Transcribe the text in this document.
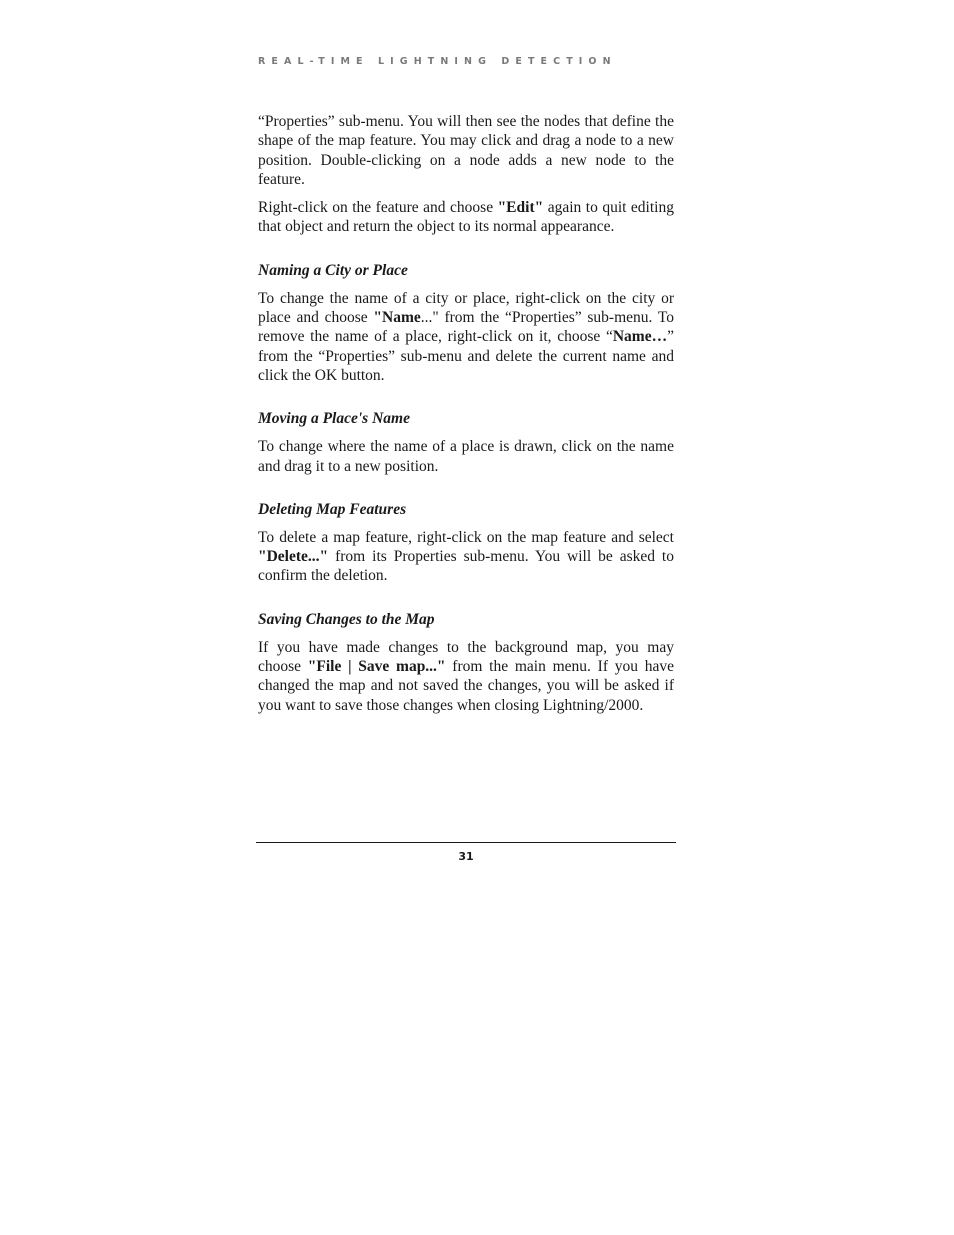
REAL-TIME LIGHTNING DETECTION

“Properties” sub-menu. You will then see the nodes that define the shape of the map feature. You may click and drag a node to a new position. Double-clicking on a node adds a new node to the feature.

Right-click on the feature and choose "Edit" again to quit editing that object and return the object to its normal appearance.

Naming a City or Place

To change the name of a city or place, right-click on the city or place and choose "Name..." from the “Properties” sub-menu. To remove the name of a place, right-click on it, choose “Name…” from the “Properties” sub-menu and delete the current name and click the OK button.

Moving a Place's Name

To change where the name of a place is drawn, click on the name and drag it to a new position.

Deleting Map Features

To delete a map feature, right-click on the map feature and select "Delete..." from its Properties sub-menu. You will be asked to confirm the deletion.

Saving Changes to the Map

If you have made changes to the background map, you may choose "File | Save map..." from the main menu. If you have changed the map and not saved the changes, you will be asked if you want to save those changes when closing Lightning/2000.

31
